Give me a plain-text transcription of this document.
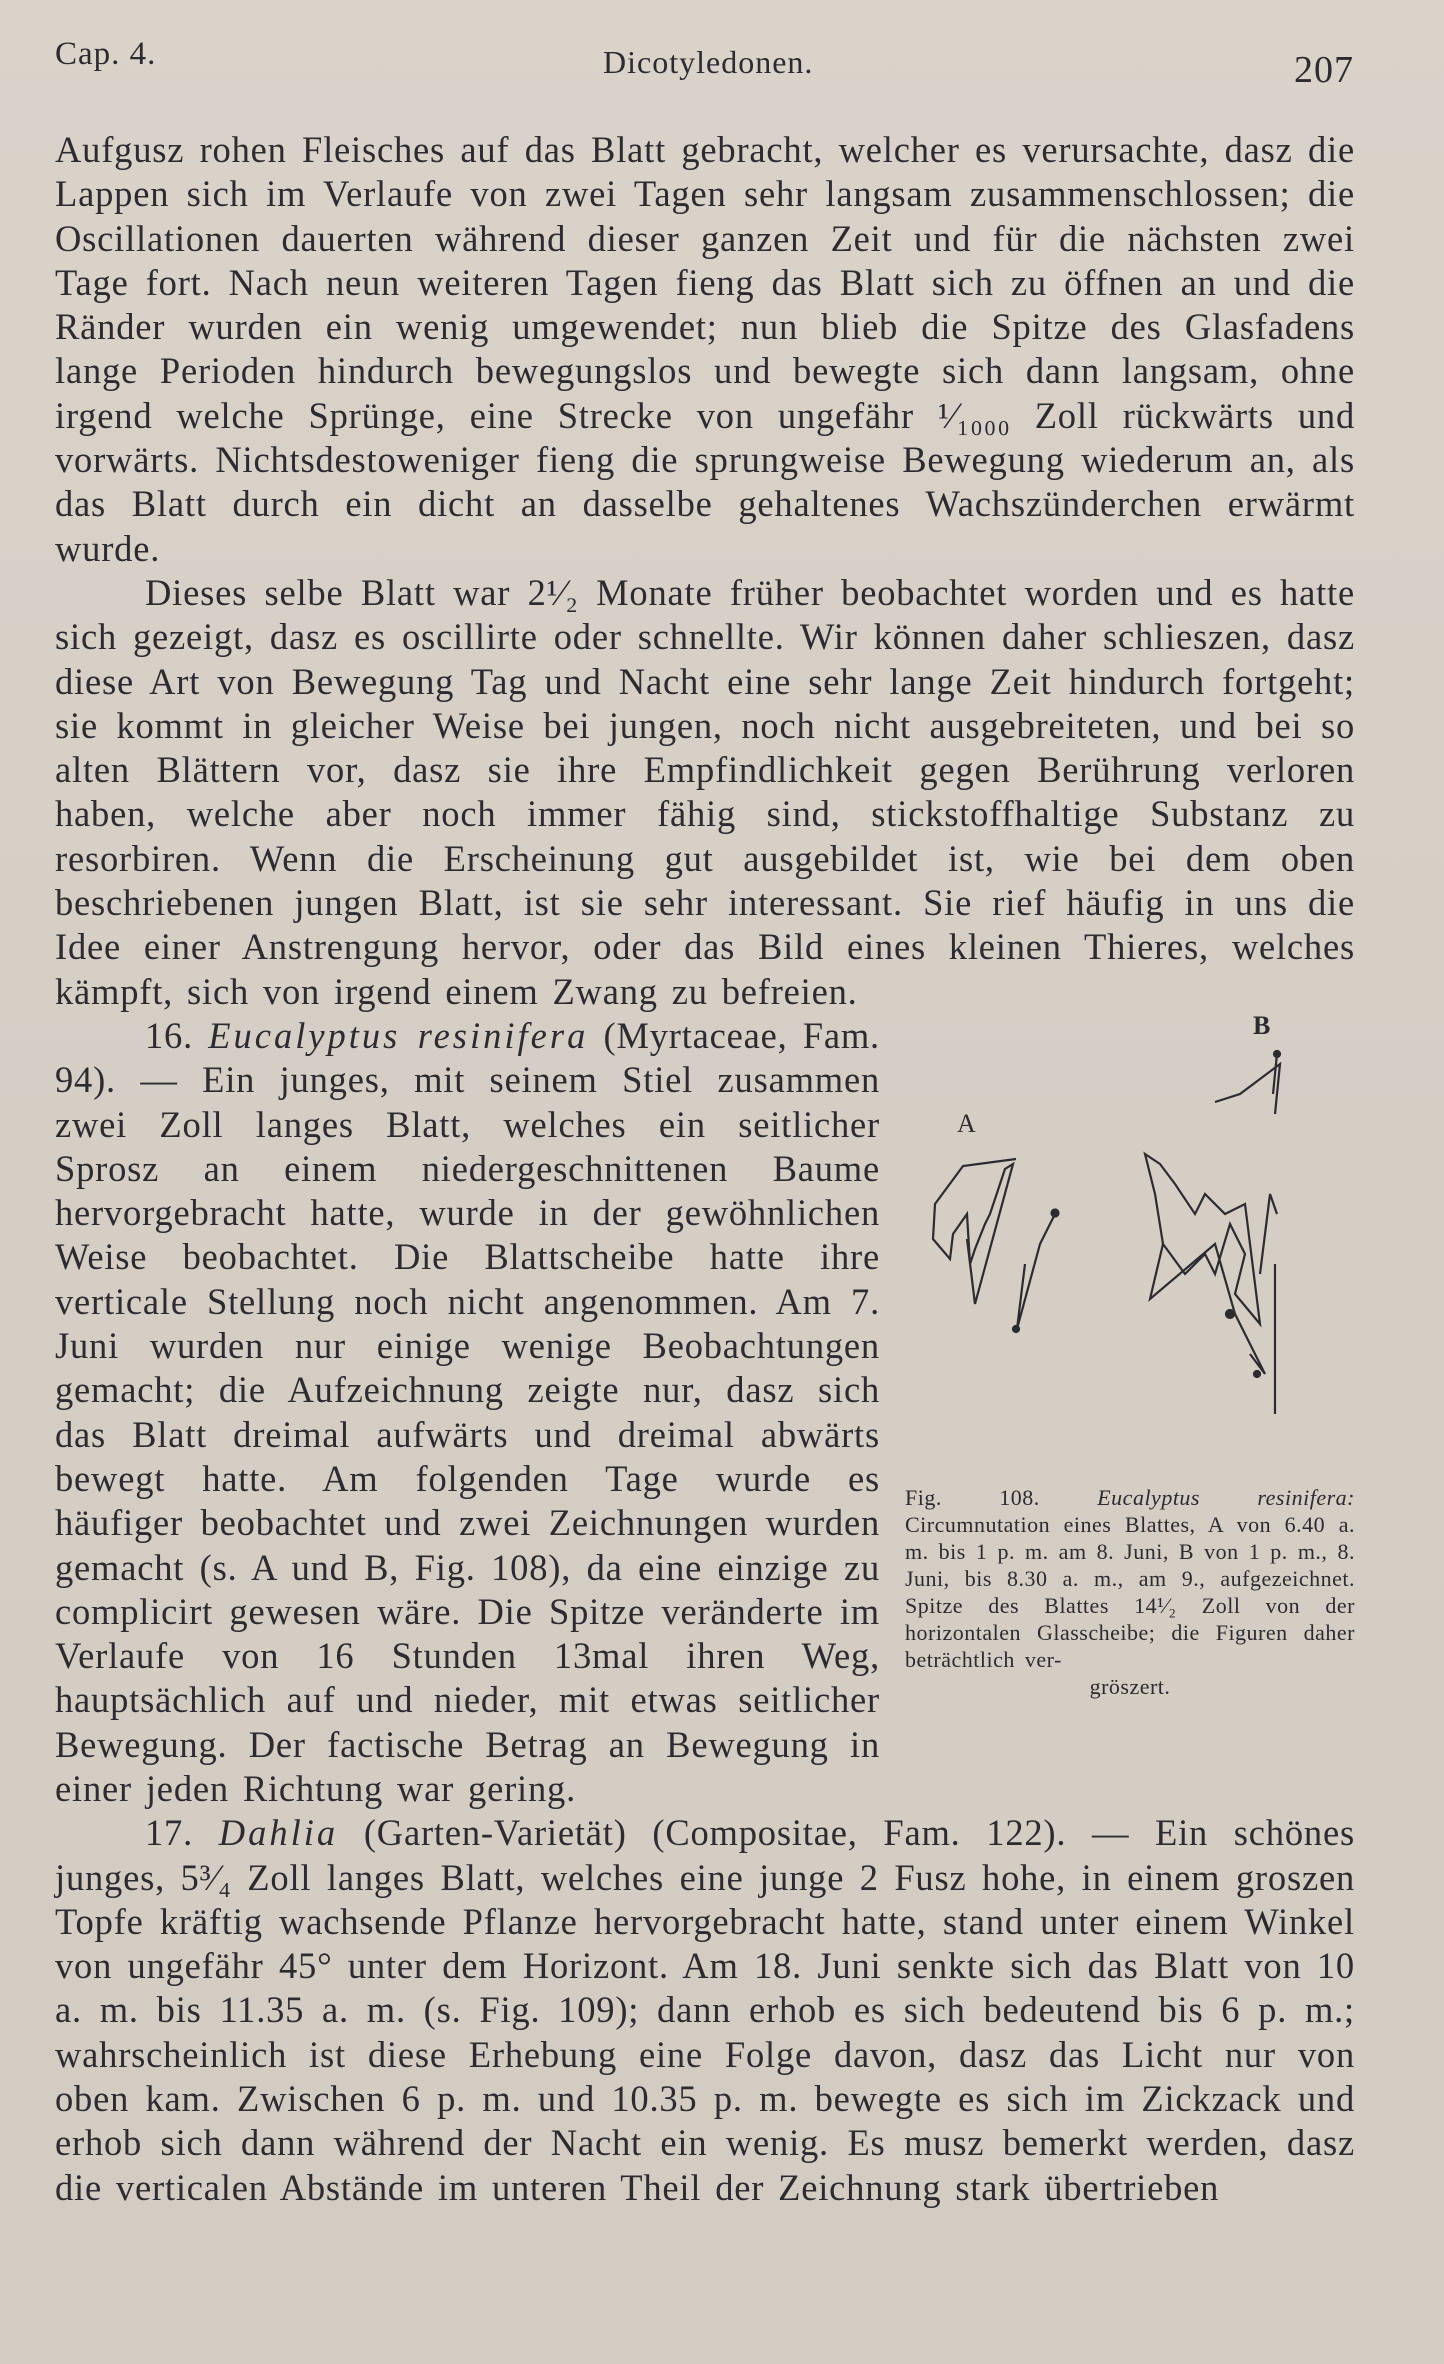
Cap. 4.	Dicotyledonen.	207

Aufgusz rohen Fleisches auf das Blatt gebracht, welcher es verursachte, dasz die Lappen sich im Verlaufe von zwei Tagen sehr langsam zusammenschlossen; die Oscillationen dauerten während dieser ganzen Zeit und für die nächsten zwei Tage fort. Nach neun weiteren Tagen fieng das Blatt sich zu öffnen an und die Ränder wurden ein wenig umgewendet; nun blieb die Spitze des Glasfadens lange Perioden hindurch bewegungslos und bewegte sich dann langsam, ohne irgend welche Sprünge, eine Strecke von ungefähr ¹⁄₁₀₀₀ Zoll rückwärts und vorwärts. Nichtsdestoweniger fieng die sprungweise Bewegung wiederum an, als das Blatt durch ein dicht an dasselbe gehaltenes Wachszünderchen erwärmt wurde.

Dieses selbe Blatt war 2¹⁄₂ Monate früher beobachtet worden und es hatte sich gezeigt, dasz es oscillirte oder schnellte. Wir können daher schlieszen, dasz diese Art von Bewegung Tag und Nacht eine sehr lange Zeit hindurch fortgeht; sie kommt in gleicher Weise bei jungen, noch nicht ausgebreiteten, und bei so alten Blättern vor, dasz sie ihre Empfindlichkeit gegen Berührung verloren haben, welche aber noch immer fähig sind, stickstoffhaltige Substanz zu resorbiren. Wenn die Erscheinung gut ausgebildet ist, wie bei dem oben beschriebenen jungen Blatt, ist sie sehr interessant. Sie rief häufig in uns die Idee einer Anstrengung hervor, oder das Bild eines kleinen Thieres, welches kämpft, sich von irgend einem Zwang zu befreien.

A
B
Fig. 108.	Eucalyptus resinifera: Circumnutation eines Blattes, A von 6.40 a. m. bis 1 p. m. am 8. Juni, B von 1 p. m., 8. Juni, bis 8.30 a. m., am 9., aufgezeichnet. Spitze des Blattes 14¹⁄₂ Zoll von der horizontalen Glasscheibe; die Figuren daher beträchtlich ver-
gröszert.

16. Eucalyptus resinifera (Myrtaceae, Fam. 94). — Ein junges, mit seinem Stiel zusammen zwei Zoll langes Blatt, welches ein seitlicher Sprosz an einem niedergeschnittenen Baume hervorgebracht hatte, wurde in der gewöhnlichen Weise beobachtet. Die Blattscheibe hatte ihre verticale Stellung noch nicht angenommen. Am 7. Juni wurden nur einige wenige Beobachtungen gemacht; die Aufzeichnung zeigte nur, dasz sich das Blatt dreimal aufwärts und dreimal abwärts bewegt hatte. Am folgenden Tage wurde es häufiger beobachtet und zwei Zeichnungen wurden gemacht (s. A und B, Fig. 108), da eine einzige zu complicirt gewesen wäre. Die Spitze veränderte im Verlaufe von 16 Stunden 13mal ihren Weg, hauptsächlich auf und nieder, mit etwas seitlicher Bewegung. Der factische Betrag an Bewegung in einer jeden Richtung war gering.

17. Dahlia (Garten-Varietät) (Compositae, Fam. 122). — Ein schönes junges, 5³⁄₄ Zoll langes Blatt, welches eine junge 2 Fusz hohe, in einem groszen Topfe kräftig wachsende Pflanze hervorgebracht hatte, stand unter einem Winkel von ungefähr 45° unter dem Horizont. Am 18. Juni senkte sich das Blatt von 10 a. m. bis 11.35 a. m. (s. Fig. 109); dann erhob es sich bedeutend bis 6 p. m.; wahrscheinlich ist diese Erhebung eine Folge davon, dasz das Licht nur von oben kam. Zwischen 6 p. m. und 10.35 p. m. bewegte es sich im Zickzack und erhob sich dann während der Nacht ein wenig. Es musz bemerkt werden, dasz die verticalen Abstände im unteren Theil der Zeichnung stark übertrieben
